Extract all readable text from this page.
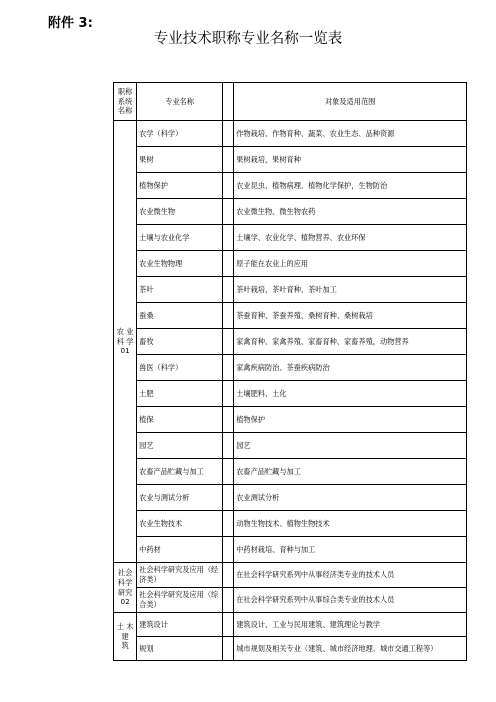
附件 3:
专业技术职称专业名称一览表
职称
系统
名称	专业名称		对象及适用范围
农 业
科 学
01	农学（科学）		作物栽培、作物育种、蔬菜、农业生态、品种资源
	果树		果树栽培，果树育种
	植物保护		农业昆虫、植物病理、植物化学保护，生物防治
	农业微生物		农业微生物、微生物农药
	土壤与农业化学		土壤学、农业化学、植物营养、农业环保
	农业生物物理		原子能在农业上的应用
	茶叶		茶叶栽培，茶叶育种、茶叶加工
	蚕桑		茶蚕育种、茶蚕养殖、桑树育种、桑树栽培
	畜牧		家禽育种、家禽养殖、家畜育种、家畜养殖，动物营养
	兽医（科学）		家禽疾病防治、茶蚕疾病防治
	土肥		土壤肥料、土化
	植保		植物保护
	园艺		园艺
	农畜产品贮藏与加工		农畜产品贮藏与加工
	农业与测试分析		农业测试分析
	农业生物技术		动物生物技术、植物生物技术
	中药材		中药材栽培、育种与加工
社会
科学
研究
02	社会科学研究及应用（经济类）		在社会科学研究系列中从事经济类专业的技术人员
	社会科学研究及应用（综合类）		在社会科学研究系列中从事综合类专业的技术人员
土 木
建
筑	建筑设计		建筑设计、工业与民用建筑、建筑理论与教学
	规划		城市规划及相关专业（建筑、城市经济地理、城市交通工程等）
